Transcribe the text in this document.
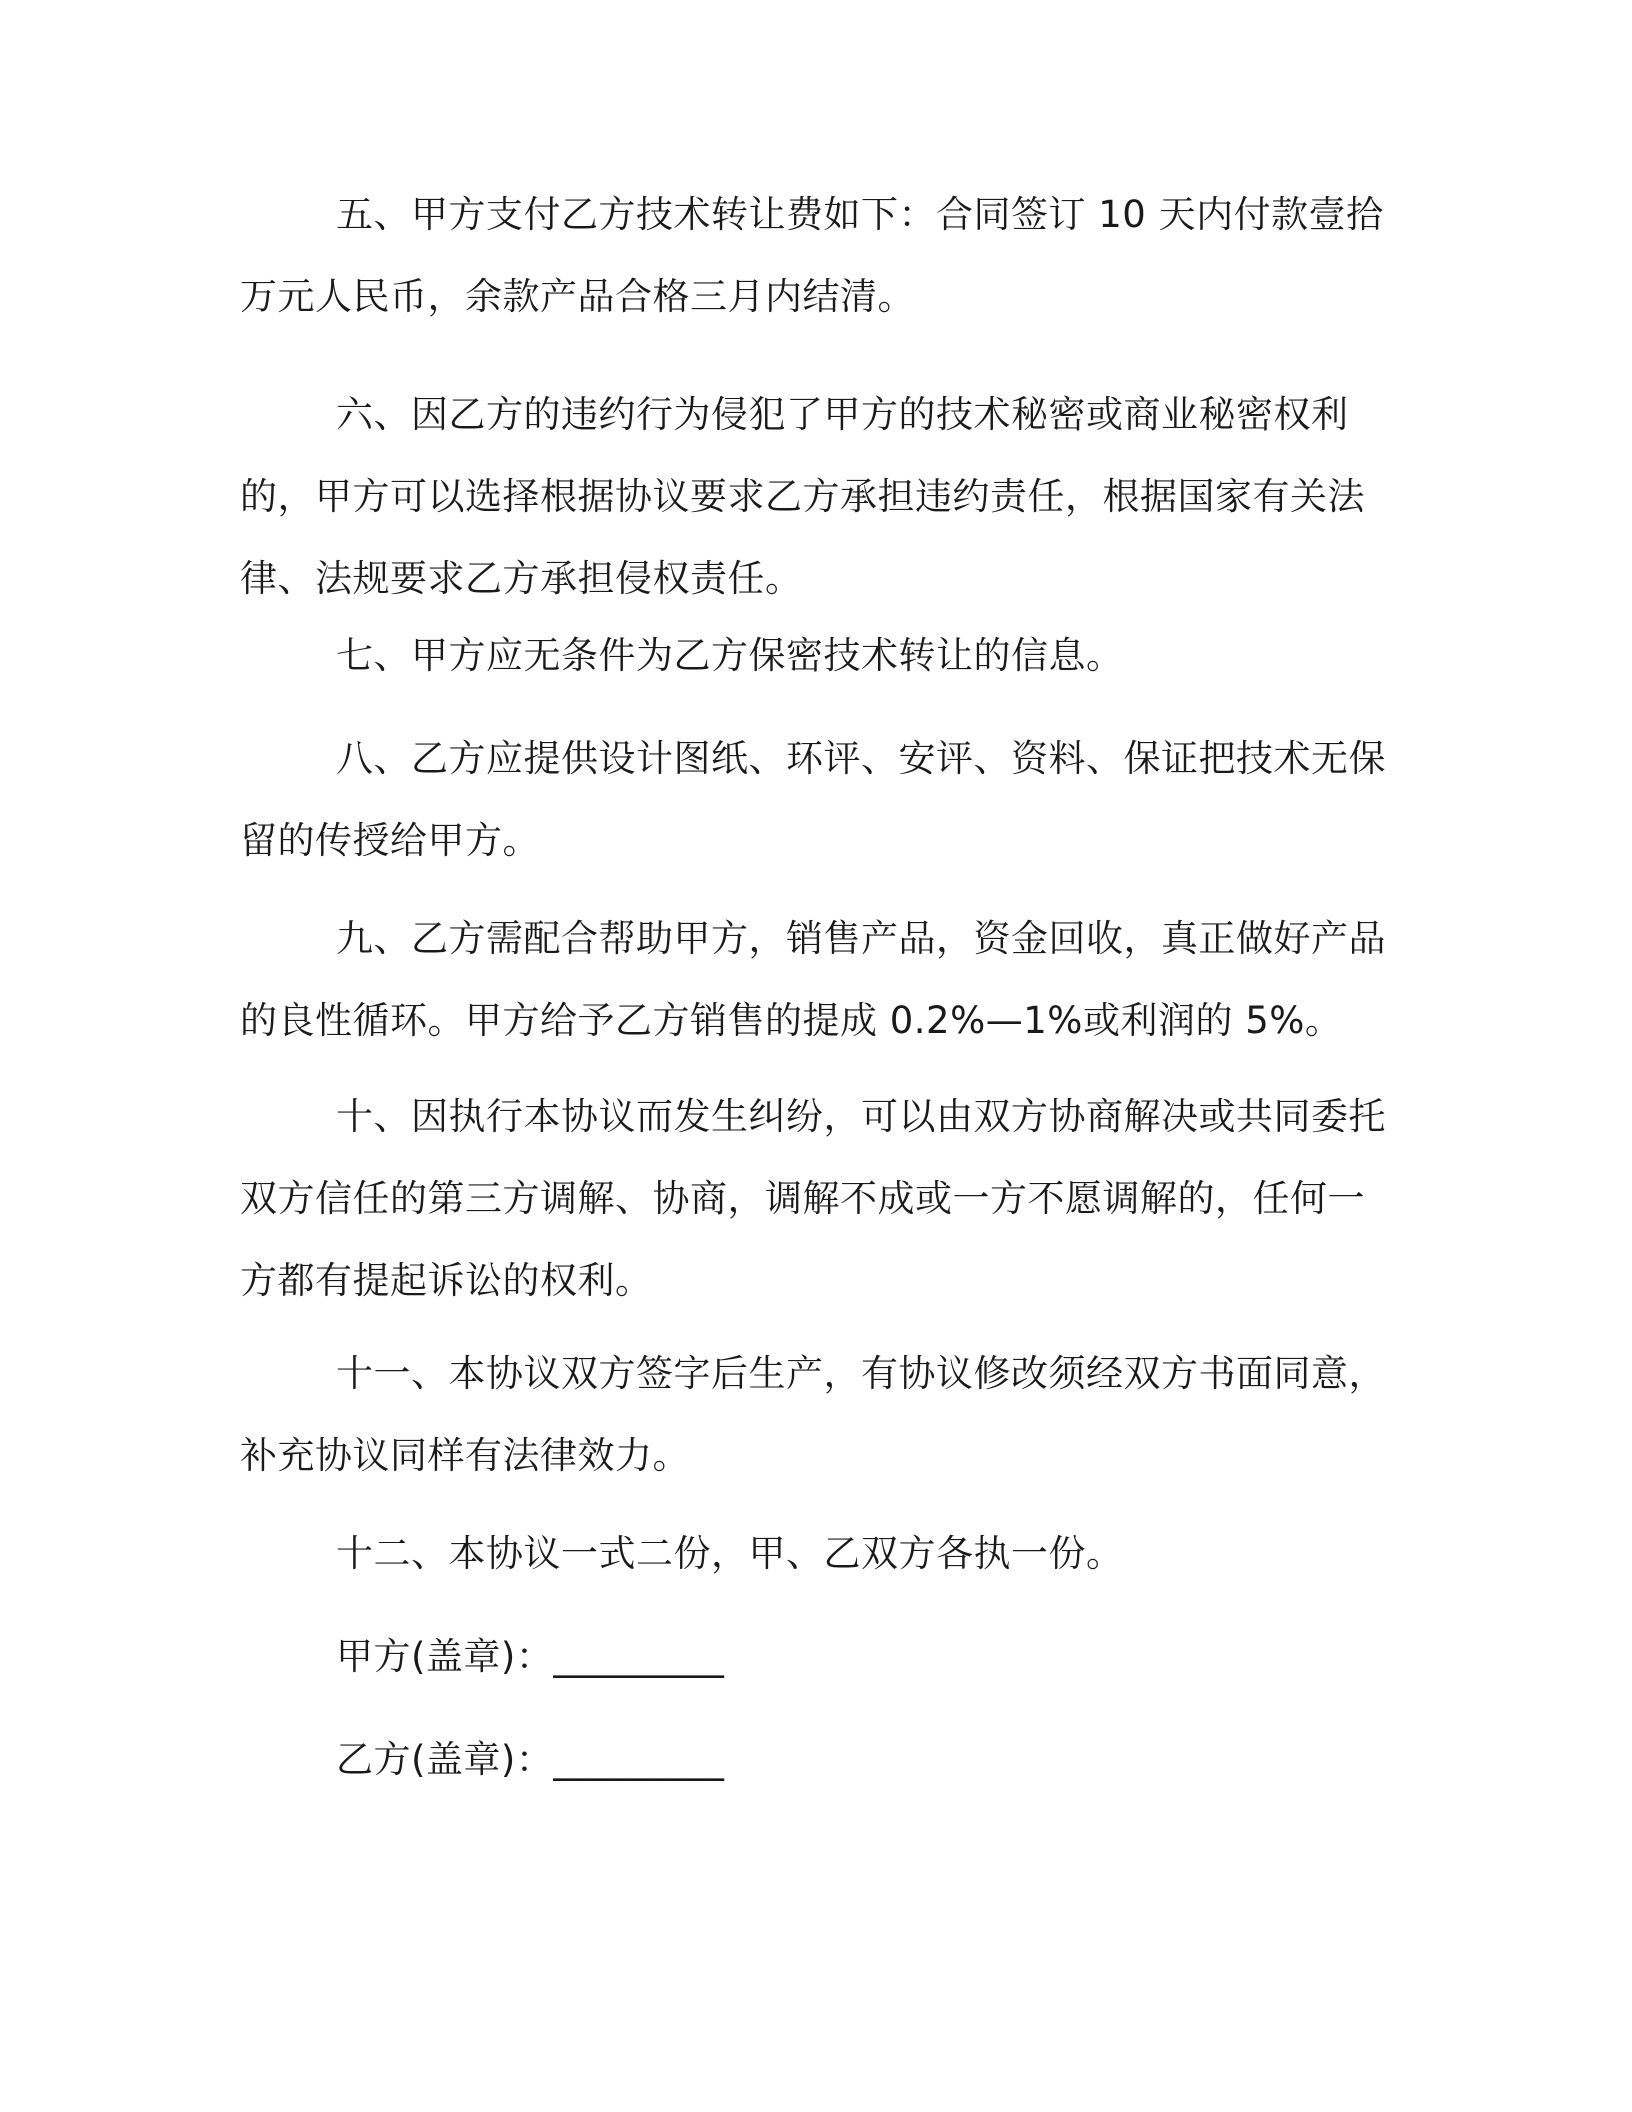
五、甲方支付乙方技术转让费如下：合同签订 10 天内付款壹拾万元人民币，余款产品合格三月内结清。

六、因乙方的违约行为侵犯了甲方的技术秘密或商业秘密权利的，甲方可以选择根据协议要求乙方承担违约责任，根据国家有关法律、法规要求乙方承担侵权责任。

七、甲方应无条件为乙方保密技术转让的信息。

八、乙方应提供设计图纸、环评、安评、资料、保证把技术无保留的传授给甲方。

九、乙方需配合帮助甲方，销售产品，资金回收，真正做好产品的良性循环。甲方给予乙方销售的提成 0.2%—1%或利润的 5%。

十、因执行本协议而发生纠纷，可以由双方协商解决或共同委托双方信任的第三方调解、协商，调解不成或一方不愿调解的，任何一方都有提起诉讼的权利。

十一、本协议双方签字后生产，有协议修改须经双方书面同意，补充协议同样有法律效力。

十二、本协议一式二份，甲、乙双方各执一份。

甲方(盖章)：_________

乙方(盖章)：_________
